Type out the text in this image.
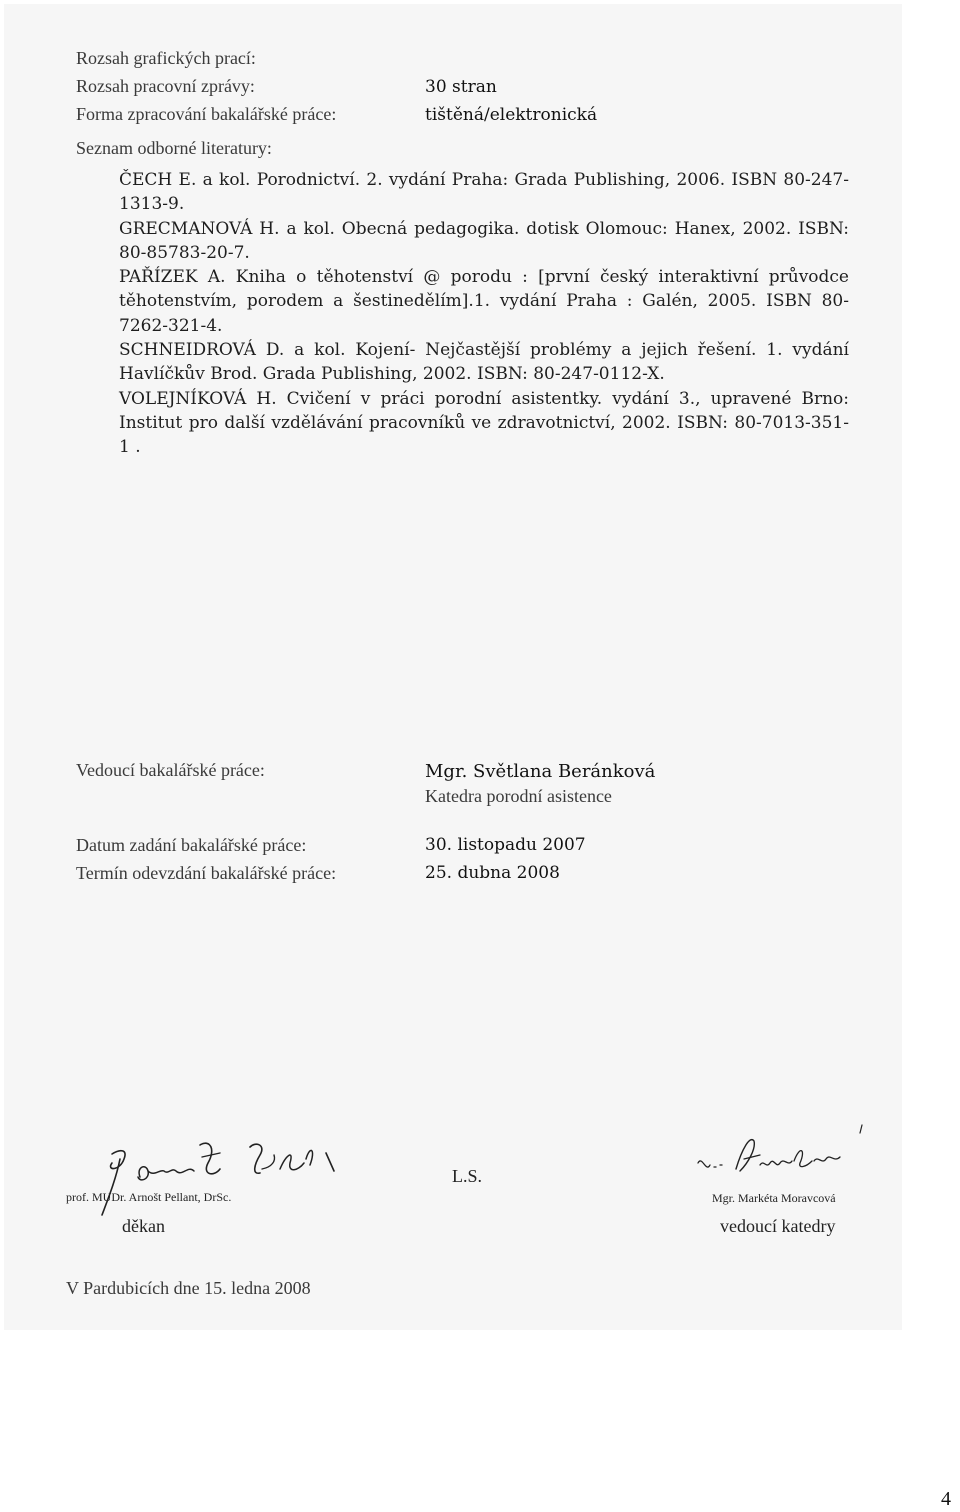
Rozsah grafických prací:
Rozsah pracovní zprávy:	30 stran
Forma zpracování bakalářské práce:	tištěná/elektronická
Seznam odborné literatury:

ČECH E. a kol. Porodnictví. 2. vydání Praha: Grada Publishing, 2006. ISBN 80-247-1313-9.

GRECMANOVÁ H. a kol. Obecná pedagogika. dotisk Olomouc: Hanex, 2002. ISBN: 80-85783-20-7.

PAŘÍZEK A. Kniha o těhotenství @ porodu : [první český interaktivní průvodce těhotenstvím, porodem a šestinedělím].1. vydání Praha : Galén, 2005. ISBN 80-7262-321-4.

SCHNEIDROVÁ D. a kol. Kojení- Nejčastější problémy a jejich řešení. 1. vydání Havlíčkův Brod. Grada Publishing, 2002. ISBN: 80-247-0112-X.

VOLEJNÍKOVÁ H. Cvičení v práci porodní asistentky. vydání 3., upravené Brno: Institut pro další vzdělávání pracovníků ve zdravotnictví, 2002. ISBN: 80-7013-351-1 .

Vedoucí bakalářské práce:	Mgr. Světlana Beránková
Katedra porodní asistence
Datum zadání bakalářské práce:	30. listopadu 2007
Termín odevzdání bakalářské práce:	25. dubna 2008
prof. MUDr. Arnošt Pellant, DrSc.
děkan
L.S.
Mgr. Markéta Moravcová
vedoucí katedry
V Pardubicích dne 15. ledna 2008
4
